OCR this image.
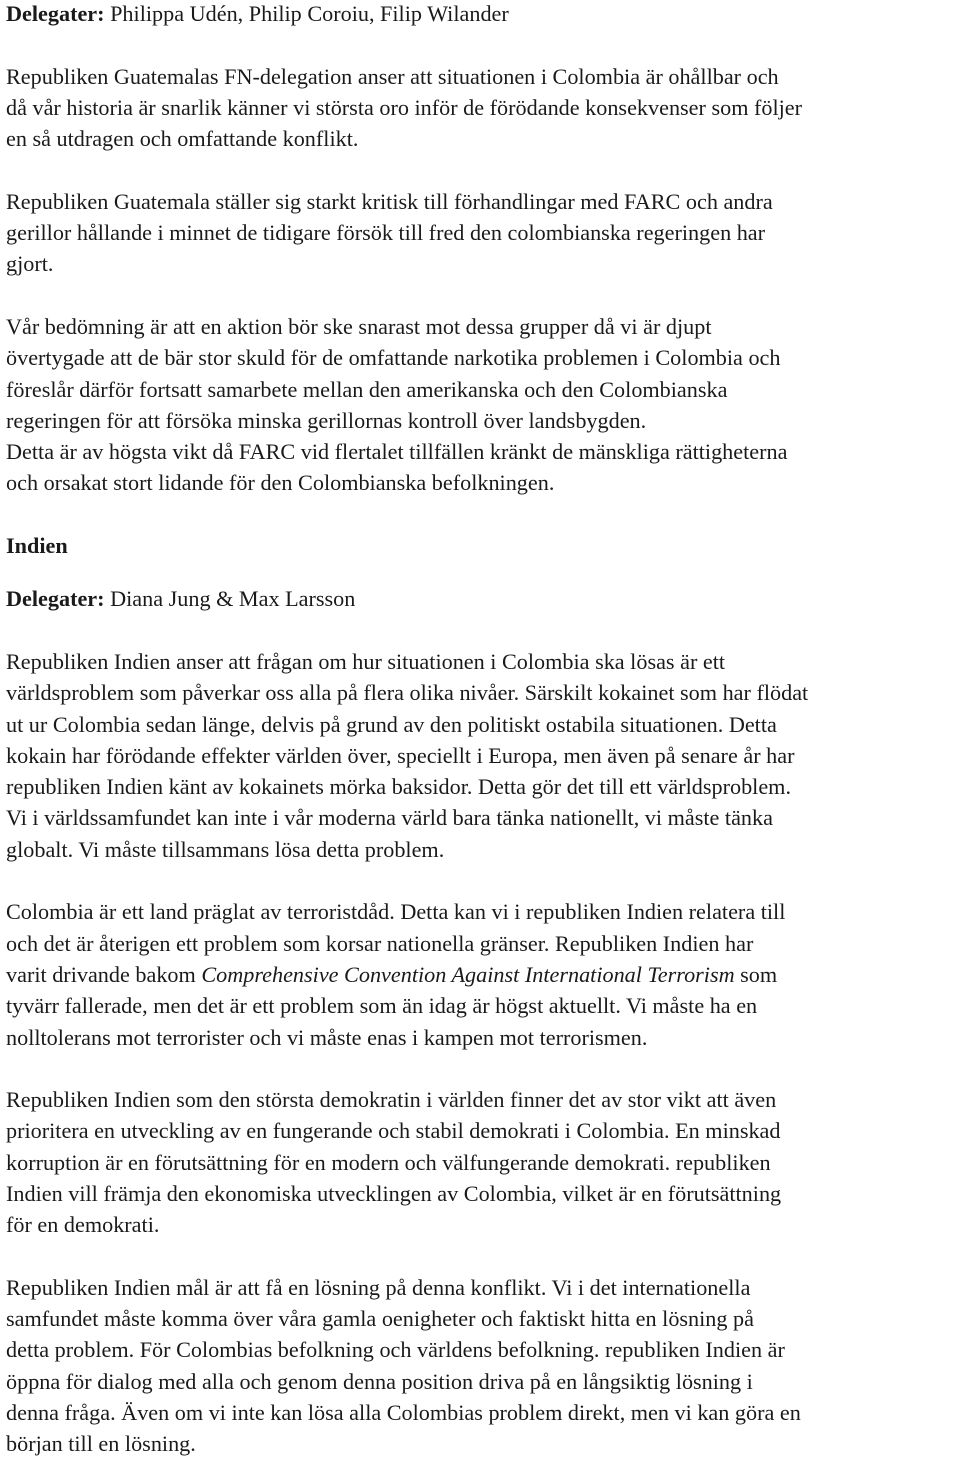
Delegater: Philippa Udén, Philip Coroiu, Filip Wilander

Republiken Guatemalas FN-delegation anser att situationen i Colombia är ohållbar och
då vår historia är snarlik känner vi största oro inför de förödande konsekvenser som följer
en så utdragen och omfattande konflikt.

Republiken Guatemala ställer sig starkt kritisk till förhandlingar med FARC och andra
gerillor hållande i minnet de tidigare försök till fred den colombianska regeringen har
gjort.

Vår bedömning är att en aktion bör ske snarast mot dessa grupper då vi är djupt
övertygade att de bär stor skuld för de omfattande narkotika problemen i Colombia och
föreslår därför fortsatt samarbete mellan den amerikanska och den Colombianska
regeringen för att försöka minska gerillornas kontroll över landsbygden.

Detta är av högsta vikt då FARC vid flertalet tillfällen kränkt de mänskliga rättigheterna
och orsakat stort lidande för den Colombianska befolkningen.

Indien

Delegater: Diana Jung & Max Larsson

Republiken Indien anser att frågan om hur situationen i Colombia ska lösas är ett
världsproblem som påverkar oss alla på flera olika nivåer. Särskilt kokainet som har flödat
ut ur Colombia sedan länge, delvis på grund av den politiskt ostabila situationen. Detta
kokain har förödande effekter världen över, speciellt i Europa, men även på senare år har
republiken Indien känt av kokainets mörka baksidor. Detta gör det till ett världsproblem.
Vi i världssamfundet kan inte i vår moderna värld bara tänka nationellt, vi måste tänka
globalt. Vi måste tillsammans lösa detta problem.

Colombia är ett land präglat av terroristdåd. Detta kan vi i republiken Indien relatera till
och det är återigen ett problem som korsar nationella gränser. Republiken Indien har
varit drivande bakom Comprehensive Convention Against International Terrorism som
tyvärr fallerade, men det är ett problem som än idag är högst aktuellt. Vi måste ha en
nolltolerans mot terrorister och vi måste enas i kampen mot terrorismen.

Republiken Indien som den största demokratin i världen finner det av stor vikt att även
prioritera en utveckling av en fungerande och stabil demokrati i Colombia. En minskad
korruption är en förutsättning för en modern och välfungerande demokrati. republiken
Indien vill främja den ekonomiska utvecklingen av Colombia, vilket är en förutsättning
för en demokrati.

Republiken Indien mål är att få en lösning på denna konflikt. Vi i det internationella
samfundet måste komma över våra gamla oenigheter och faktiskt hitta en lösning på
detta problem. För Colombias befolkning och världens befolkning. republiken Indien är
öppna för dialog med alla och genom denna position driva på en långsiktig lösning i
denna fråga. Även om vi inte kan lösa alla Colombias problem direkt, men vi kan göra en
början till en lösning.
